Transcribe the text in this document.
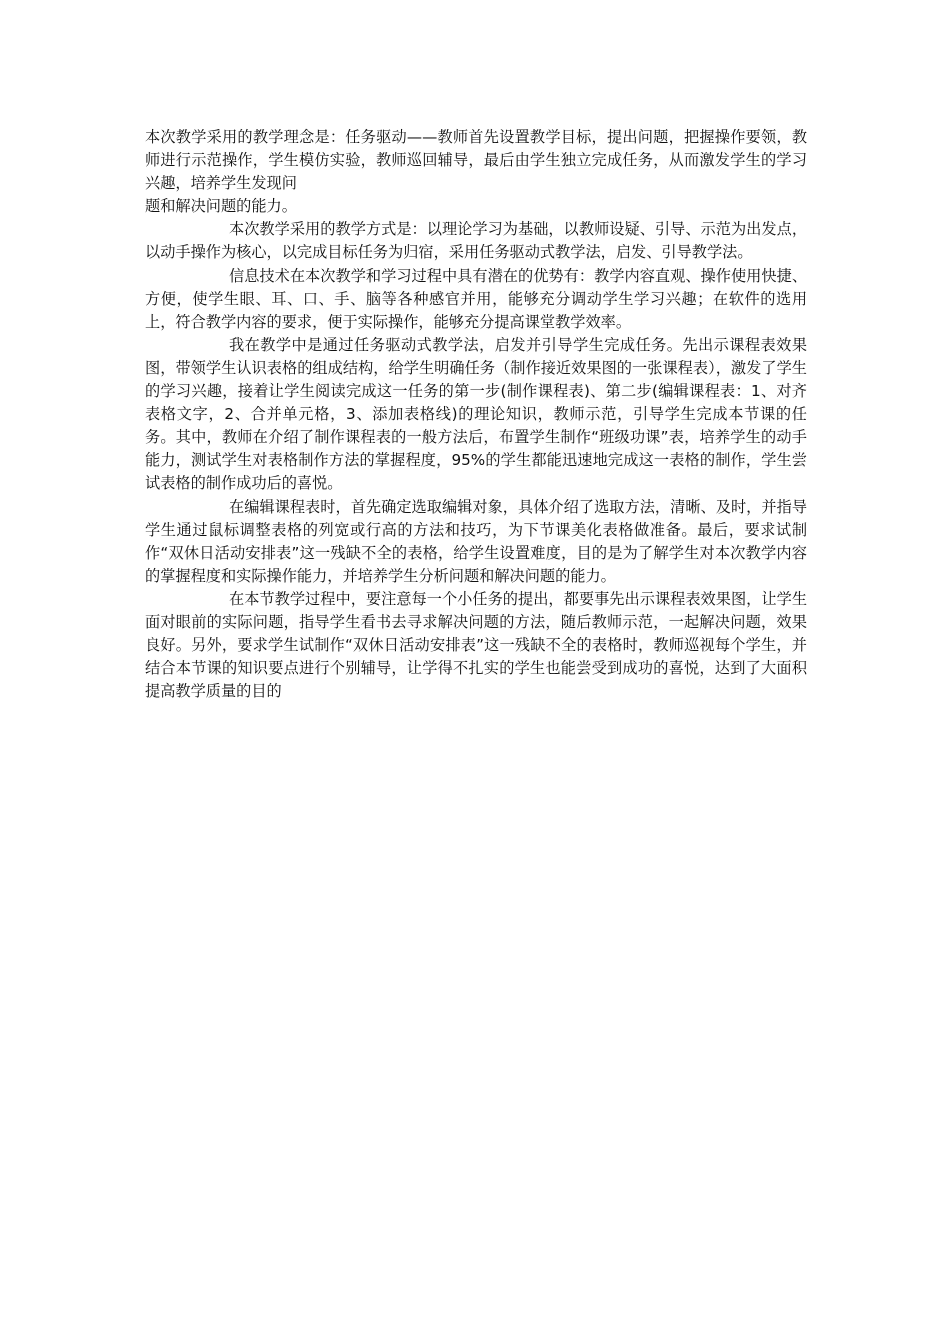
本次教学采用的教学理念是：任务驱动——教师首先设置教学目标，提出问题，把握操作要领，教师进行示范操作，学生模仿实验，教师巡回辅导，最后由学生独立完成任务，从而激发学生的学习兴趣，培养学生发现问
题和解决问题的能力。

本次教学采用的教学方式是：以理论学习为基础，以教师设疑、引导、示范为出发点，以动手操作为核心，以完成目标任务为归宿，采用任务驱动式教学法，启发、引导教学法。

信息技术在本次教学和学习过程中具有潜在的优势有：教学内容直观、操作使用快捷、方便，使学生眼、耳、口、手、脑等各种感官并用，能够充分调动学生学习兴趣；在软件的选用上，符合教学内容的要求，便于实际操作，能够充分提高课堂教学效率。

我在教学中是通过任务驱动式教学法，启发并引导学生完成任务。先出示课程表效果图，带领学生认识表格的组成结构，给学生明确任务（制作接近效果图的一张课程表），激发了学生的学习兴趣，接着让学生阅读完成这一任务的第一步(制作课程表)、第二步(编辑课程表：1、对齐表格文字，2、合并单元格，3、添加表格线)的理论知识，教师示范，引导学生完成本节课的任务。其中，教师在介绍了制作课程表的一般方法后，布置学生制作“班级功课”表，培养学生的动手能力，测试学生对表格制作方法的掌握程度，95%的学生都能迅速地完成这一表格的制作，学生尝试表格的制作成功后的喜悦。

在编辑课程表时，首先确定选取编辑对象，具体介绍了选取方法，清晰、及时，并指导学生通过鼠标调整表格的列宽或行高的方法和技巧，为下节课美化表格做准备。最后，要求试制作“双休日活动安排表”这一残缺不全的表格，给学生设置难度，目的是为了解学生对本次教学内容的掌握程度和实际操作能力，并培养学生分析问题和解决问题的能力。

在本节教学过程中，要注意每一个小任务的提出，都要事先出示课程表效果图，让学生面对眼前的实际问题，指导学生看书去寻求解决问题的方法，随后教师示范，一起解决问题，效果良好。另外，要求学生试制作“双休日活动安排表”这一残缺不全的表格时，教师巡视每个学生，并结合本节课的知识要点进行个别辅导，让学得不扎实的学生也能尝受到成功的喜悦，达到了大面积提高教学质量的目的
